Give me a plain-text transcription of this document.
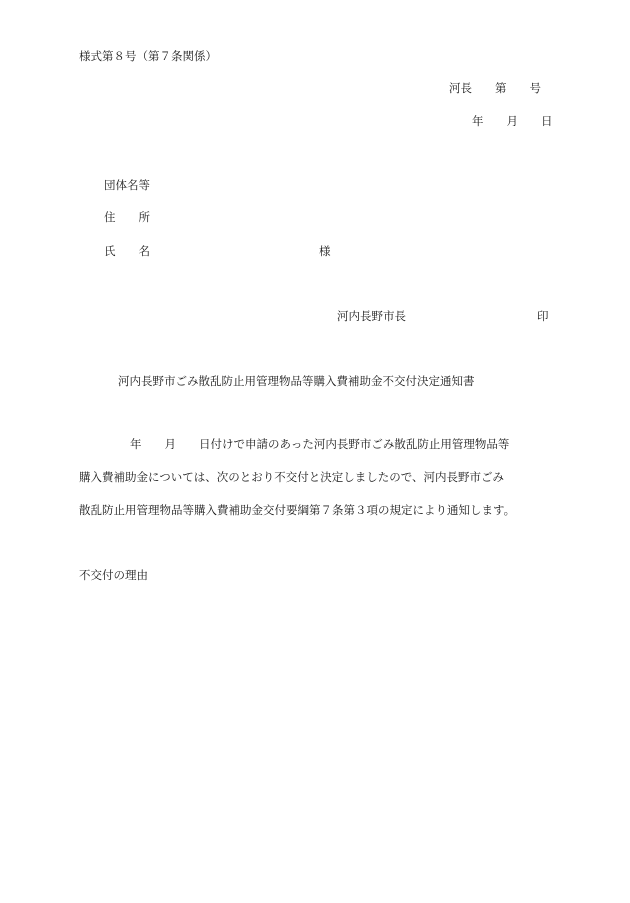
様式第８号（第７条関係）
河長　　第　　号
年　　月　　日
団体名等
住　　所
氏　　名	様
河内長野市長	印
河内長野市ごみ散乱防止用管理物品等購入費補助金不交付決定通知書
年　　月　　日付けで申請のあった河内長野市ごみ散乱防止用管理物品等
購入費補助金については、次のとおり不交付と決定しましたので、河内長野市ごみ
散乱防止用管理物品等購入費補助金交付要綱第７条第３項の規定により通知します。
不交付の理由
